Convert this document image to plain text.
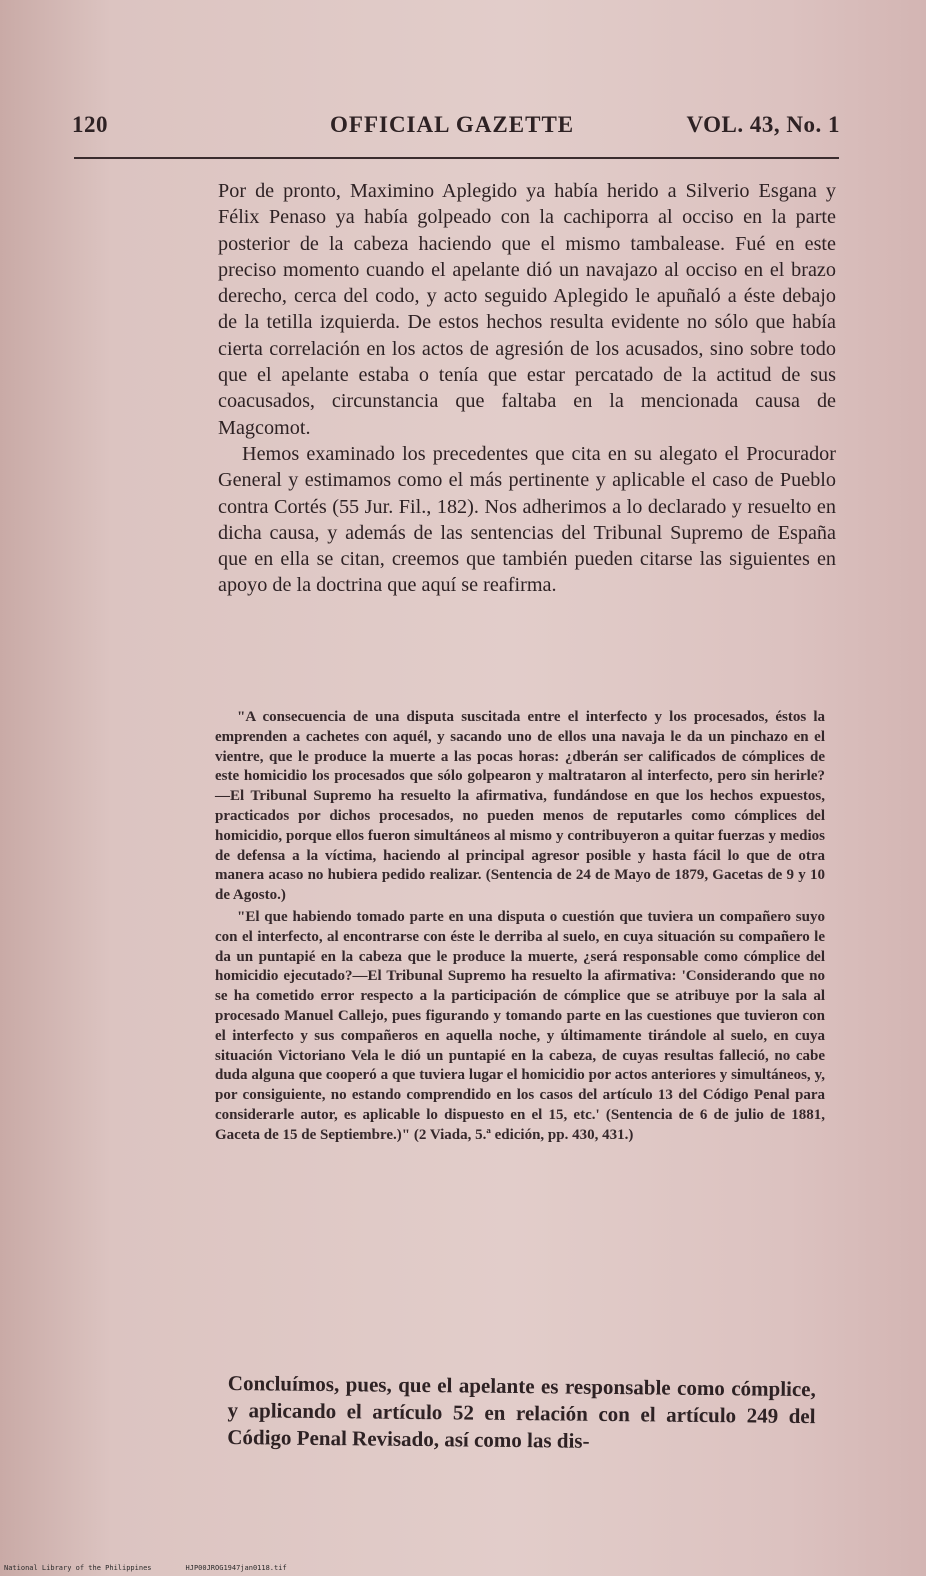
120	OFFICIAL GAZETTE	VOL. 43, No. 1

Por de pronto, Maximino Aplegido ya había herido a Silverio Esgana y Félix Penaso ya había golpeado con la cachiporra al occiso en la parte posterior de la cabeza haciendo que el mismo tambalease. Fué en este preciso momento cuando el apelante dió un navajazo al occiso en el brazo derecho, cerca del codo, y acto seguido Aplegido le apuñaló a éste debajo de la tetilla izquierda. De estos hechos resulta evidente no sólo que había cierta correlación en los actos de agresión de los acusados, sino sobre todo que el apelante estaba o tenía que estar percatado de la actitud de sus coacusados, circunstancia que faltaba en la mencionada causa de Magcomot.

Hemos examinado los precedentes que cita en su alegato el Procurador General y estimamos como el más pertinente y aplicable el caso de Pueblo contra Cortés (55 Jur. Fil., 182). Nos adherimos a lo declarado y resuelto en dicha causa, y además de las sentencias del Tribunal Supremo de España que en ella se citan, creemos que también pueden citarse las siguientes en apoyo de la doctrina que aquí se reafirma.

"A consecuencia de una disputa suscitada entre el interfecto y los procesados, éstos la emprenden a cachetes con aquél, y sacando uno de ellos una navaja le da un pinchazo en el vientre, que le produce la muerte a las pocas horas: ¿dberán ser calificados de cómplices de este homicidio los procesados que sólo golpearon y maltrataron al interfecto, pero sin herirle?—El Tribunal Supremo ha resuelto la afirmativa, fundándose en que los hechos expuestos, practicados por dichos procesados, no pueden menos de reputarles como cómplices del homicidio, porque ellos fueron simultáneos al mismo y contribuyeron a quitar fuerzas y medios de defensa a la víctima, haciendo al principal agresor posible y hasta fácil lo que de otra manera acaso no hubiera pedido realizar. (Sentencia de 24 de Mayo de 1879, Gacetas de 9 y 10 de Agosto.)

"El que habiendo tomado parte en una disputa o cuestión que tuviera un compañero suyo con el interfecto, al encontrarse con éste le derriba al suelo, en cuya situación su compañero le da un puntapié en la cabeza que le produce la muerte, ¿será responsable como cómplice del homicidio ejecutado?—El Tribunal Supremo ha resuelto la afirmativa: 'Considerando que no se ha cometido error respecto a la participación de cómplice que se atribuye por la sala al procesado Manuel Callejo, pues figurando y tomando parte en las cuestiones que tuvieron con el interfecto y sus compañeros en aquella noche, y últimamente tirándole al suelo, en cuya situación Victoriano Vela le dió un puntapié en la cabeza, de cuyas resultas falleció, no cabe duda alguna que cooperó a que tuviera lugar el homicidio por actos anteriores y simultáneos, y, por consiguiente, no estando comprendido en los casos del artículo 13 del Código Penal para considerarle autor, es aplicable lo dispuesto en el 15, etc.' (Sentencia de 6 de julio de 1881, Gaceta de 15 de Septiembre.)" (2 Viada, 5.ª edición, pp. 430, 431.)

Concluímos, pues, que el apelante es responsable como cómplice, y aplicando el artículo 52 en relación con el artículo 249 del Código Penal Revisado, así como las dis-

National Library of the Philippines	HJP00JROG1947jan0118.tif
